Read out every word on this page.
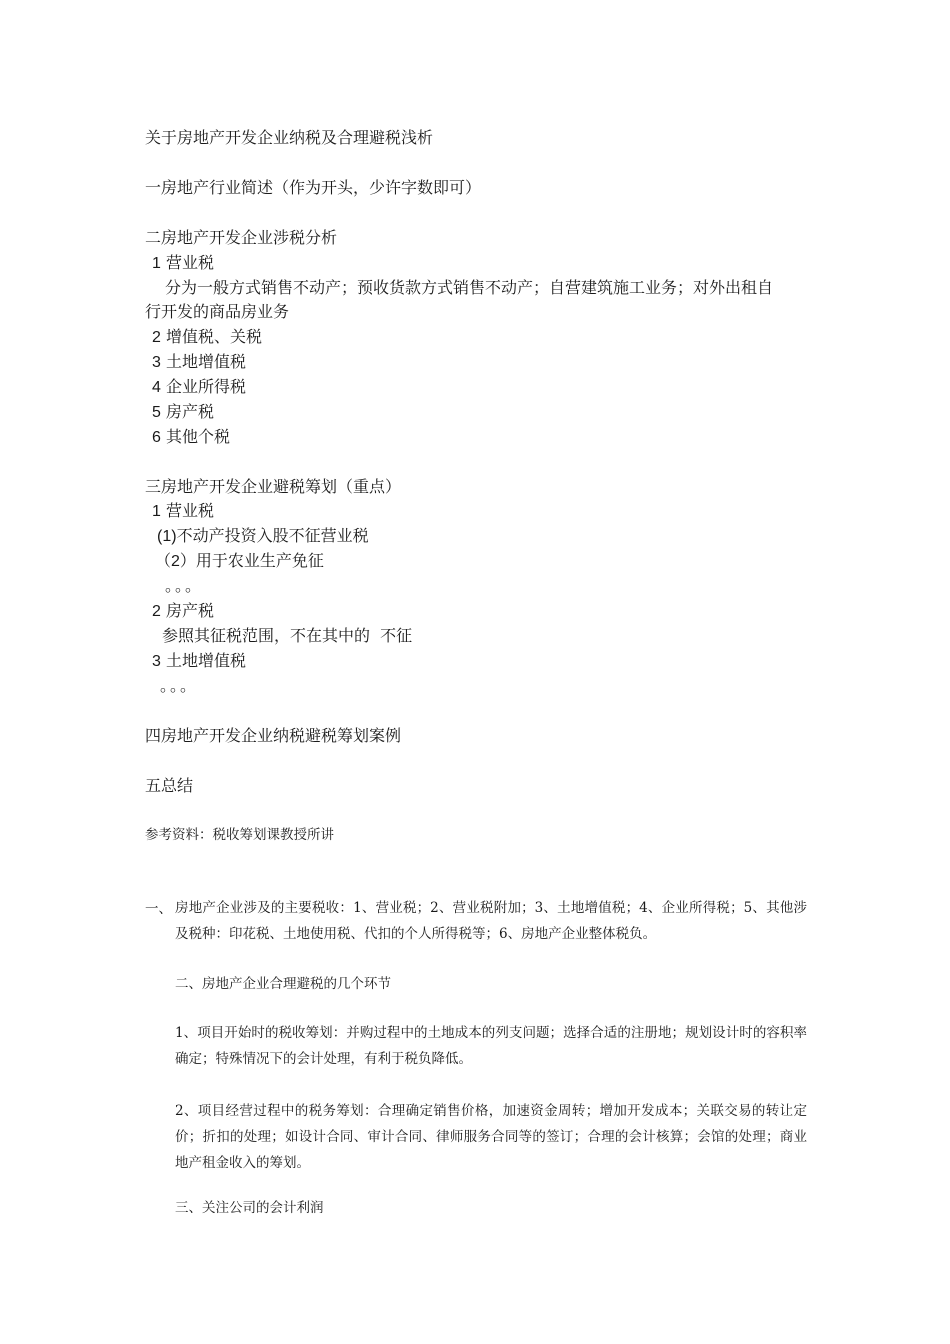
关于房地产开发企业纳税及合理避税浅析
一房地产行业简述（作为开头，少许字数即可）
二房地产开发企业涉税分析
1 营业税
分为一般方式销售不动产；预收货款方式销售不动产；自营建筑施工业务；对外出租自
行开发的商品房业务
2 增值税、关税
3 土地增值税
4 企业所得税
5 房产税
6 其他个税
三房地产开发企业避税筹划（重点）
1 营业税
(1)不动产投资入股不征营业税
（2）用于农业生产免征
。。。
2 房产税
参照其征税范围，不在其中的  不征
3 土地增值税
。。。
四房地产开发企业纳税避税筹划案例
五总结
参考资料：税收筹划课教授所讲
一、 房地产企业涉及的主要税收：1、营业税；2、营业税附加；3、土地增值税；4、企业所得税；5、其他涉及税种：印花税、土地使用税、代扣的个人所得税等；6、房地产企业整体税负。
二、房地产企业合理避税的几个环节
1、项目开始时的税收筹划：并购过程中的土地成本的列支问题；选择合适的注册地；规划设计时的容积率确定；特殊情况下的会计处理，有利于税负降低。
2、项目经营过程中的税务筹划：合理确定销售价格，加速资金周转；增加开发成本；关联交易的转让定价；折扣的处理；如设计合同、审计合同、律师服务合同等的签订；合理的会计核算；会馆的处理；商业地产租金收入的筹划。
三、关注公司的会计利润
